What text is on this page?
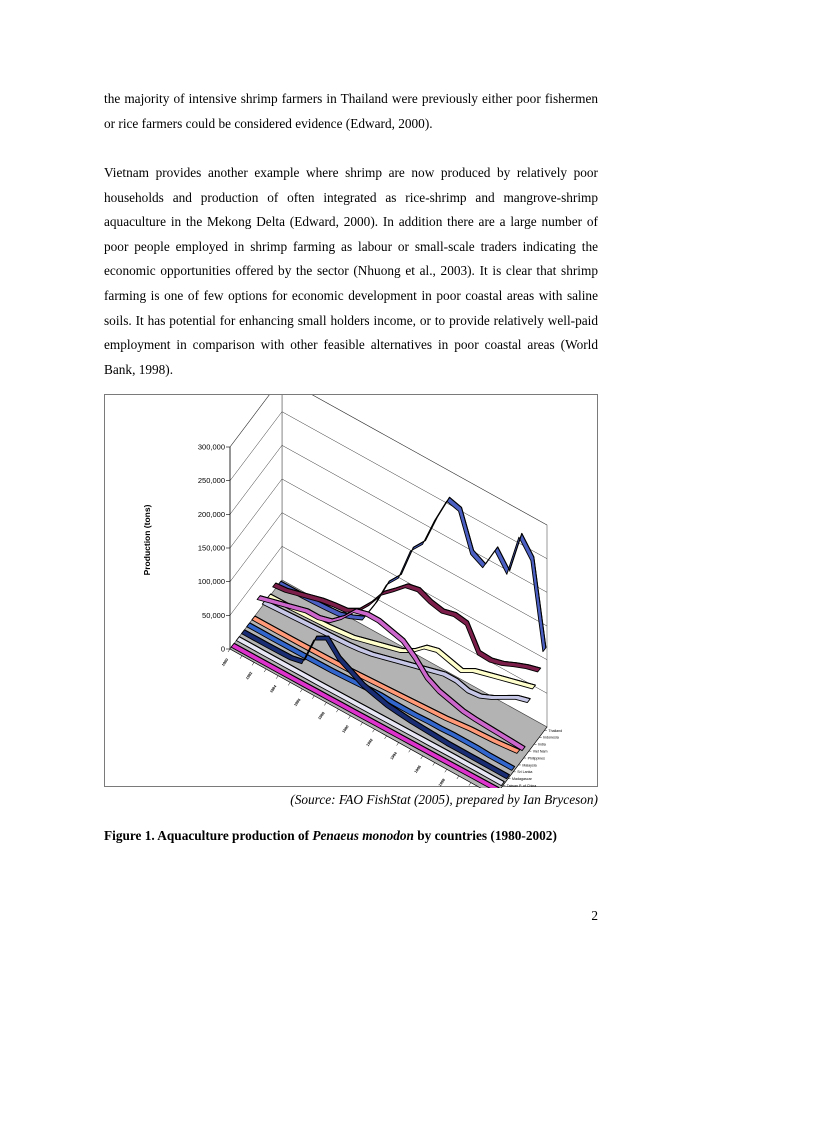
the majority of intensive shrimp farmers in Thailand were previously either poor fishermen or rice farmers could be considered evidence (Edward, 2000).

Vietnam provides another example where shrimp are now produced by relatively poor households and production of often integrated as rice-shrimp and mangrove-shrimp aquaculture in the Mekong Delta (Edward, 2000). In addition there are a large number of poor people employed in shrimp farming as labour or small-scale traders indicating the economic opportunities offered by the sector (Nhuong et al., 2003). It is clear that shrimp farming is one of few options for economic development in poor coastal areas with saline soils. It has potential for enhancing small holders income, or to provide relatively well-paid employment in comparison with other feasible alternatives in poor coastal areas (World Bank, 1998).

0
50,000
100,000
150,000
200,000
250,000
300,000
Production (tons)
1980
1982
1984
1986
1988
1990
1992
1994
1996
1998
Thailand
Indonesia
India
Viet Nam
Philippines
Malaysia
Sri Lanka
Madagascar
Taiwan P. of China
(Source: FAO FishStat (2005), prepared by Ian Bryceson)
Figure 1. Aquaculture production of Penaeus monodon by countries (1980-2002)
2
